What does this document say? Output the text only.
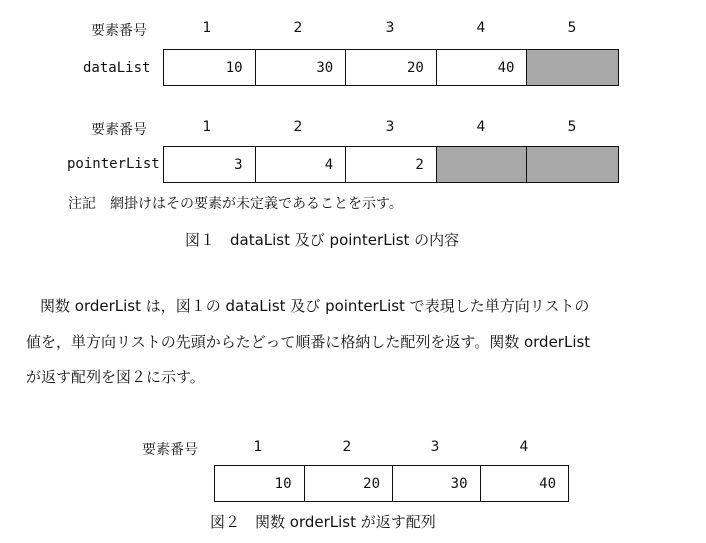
要素番号	1	2	3	4	5
dataList	10	30	20	40
要素番号	1	2	3	4	5
pointerList	3	4	2
注記　網掛けはその要素が未定義であることを示す。
図１　dataList 及び pointerList の内容
関数 orderList は，図１の dataList 及び pointerList で表現した単方向リストの
値を，単方向リストの先頭からたどって順番に格納した配列を返す。関数 orderList
が返す配列を図２に示す。
要素番号	1	2	3	4
10	20	30	40
図２　関数 orderList が返す配列
